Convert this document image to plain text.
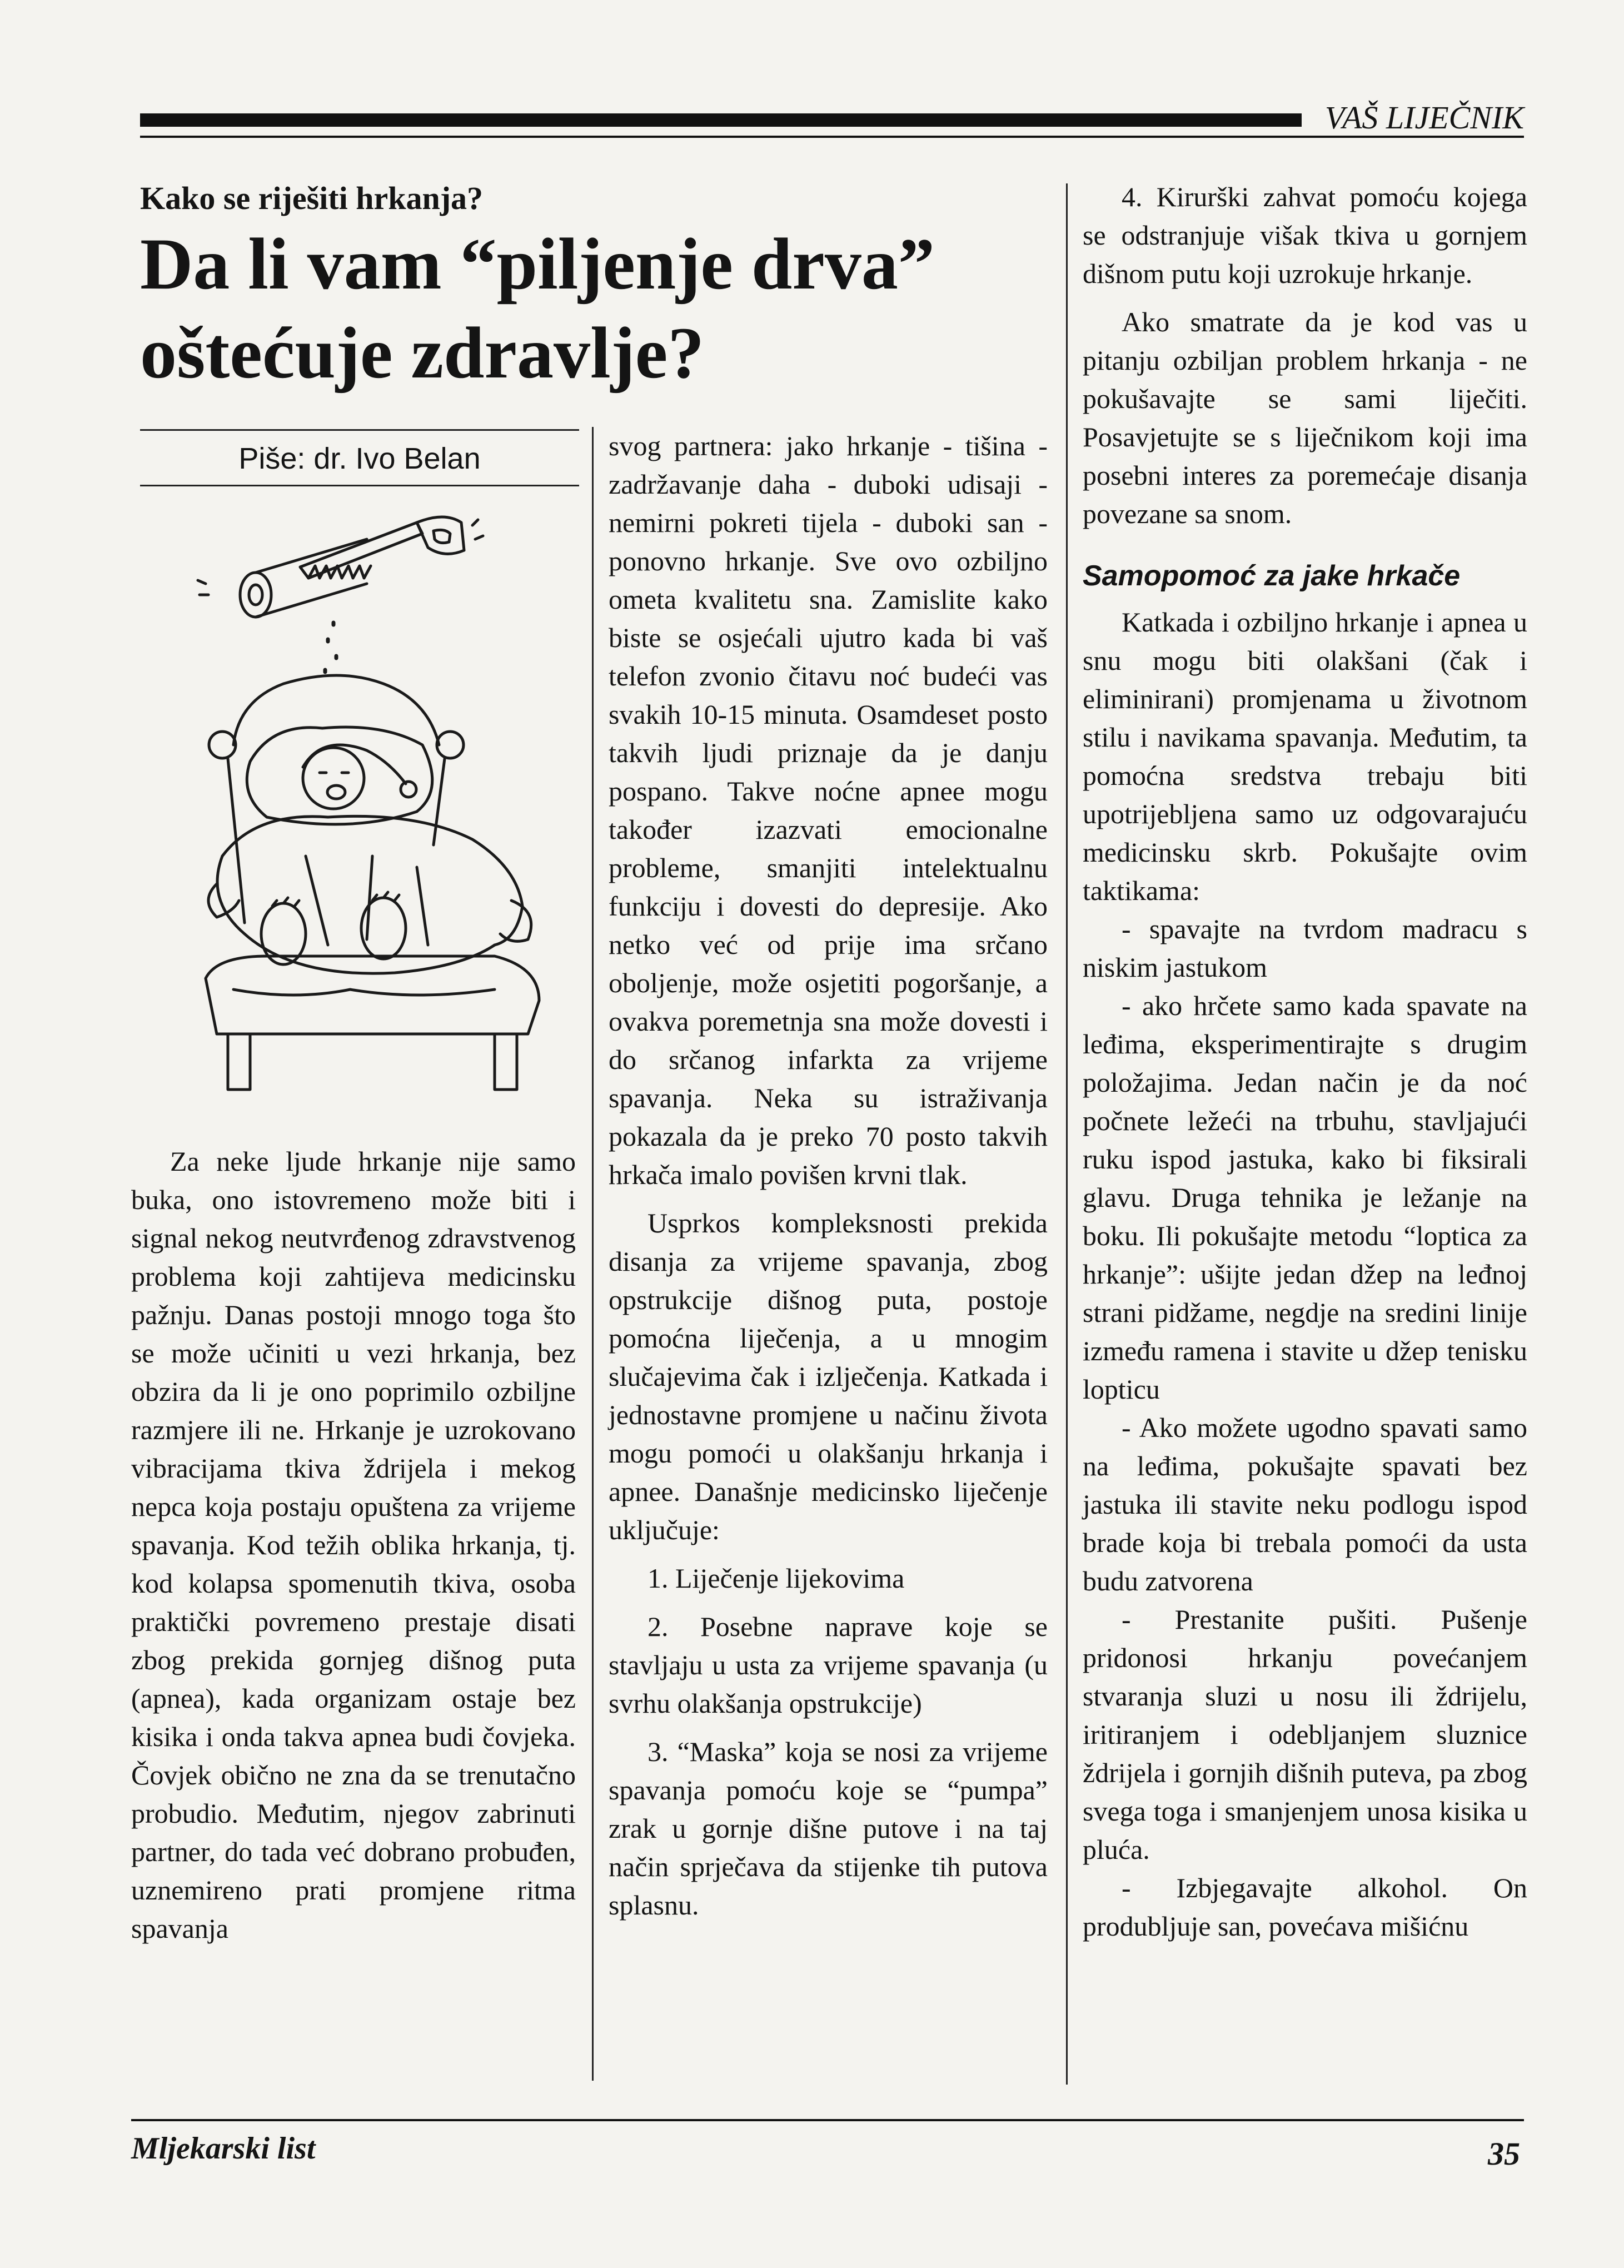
VAŠ LIJEČNIK
Kako se riješiti hrkanja?
Da li vam “piljenje drva” oštećuje zdravlje?
Piše: dr. Ivo Belan

Za neke ljude hrkanje nije samo buka, ono istovremeno može biti i signal nekog neutvrđenog zdravstvenog problema koji zahtijeva medicinsku pažnju. Danas postoji mnogo toga što se može učiniti u vezi hrkanja, bez obzira da li je ono poprimilo ozbiljne razmjere ili ne. Hrkanje je uzrokovano vibracijama tkiva ždrijela i mekog nepca koja postaju opuštena za vrijeme spavanja. Kod težih oblika hrkanja, tj. kod kolapsa spomenutih tkiva, osoba praktički povremeno prestaje disati zbog prekida gornjeg dišnog puta (apnea), kada organizam ostaje bez kisika i onda takva apnea budi čovjeka. Čovjek obično ne zna da se trenutačno probudio. Međutim, njegov zabrinuti partner, do tada već dobrano probuđen, uznemireno prati promjene ritma spavanja

svog partnera: jako hrkanje - tišina - zadržavanje daha - duboki udisaji - nemirni pokreti tijela - duboki san - ponovno hrkanje. Sve ovo ozbiljno ometa kvalitetu sna. Zamislite kako biste se osjećali ujutro kada bi vaš telefon zvonio čitavu noć budeći vas svakih 10-15 minuta. Osamdeset posto takvih ljudi priznaje da je danju pospano. Takve noćne apnee mogu također izazvati emocionalne probleme, smanjiti intelektualnu funkciju i dovesti do depresije. Ako netko već od prije ima srčano oboljenje, može osjetiti pogoršanje, a ovakva poremetnja sna može dovesti i do srčanog infarkta za vrijeme spavanja. Neka su istraživanja pokazala da je preko 70 posto takvih hrkača imalo povišen krvni tlak.

Usprkos kompleksnosti prekida disanja za vrijeme spavanja, zbog opstrukcije dišnog puta, postoje pomoćna liječenja, a u mnogim slučajevima čak i izlječenja. Katkada i jednostavne promjene u načinu života mogu pomoći u olakšanju hrkanja i apnee. Današnje medicinsko liječenje uključuje:

1. Liječenje lijekovima

2. Posebne naprave koje se stavljaju u usta za vrijeme spavanja (u svrhu olakšanja opstrukcije)

3. “Maska” koja se nosi za vrijeme spavanja pomoću koje se “pumpa” zrak u gornje dišne putove i na taj način sprječava da stijenke tih putova splasnu.

4. Kirurški zahvat pomoću kojega se odstranjuje višak tkiva u gornjem dišnom putu koji uzrokuje hrkanje.

Ako smatrate da je kod vas u pitanju ozbiljan problem hrkanja - ne pokušavajte se sami liječiti. Posavjetujte se s liječnikom koji ima posebni interes za poremećaje disanja povezane sa snom.

Samopomoć za jake hrkače

Katkada i ozbiljno hrkanje i apnea u snu mogu biti olakšani (čak i eliminirani) promjenama u životnom stilu i navikama spavanja. Međutim, ta pomoćna sredstva trebaju biti upotrijebljena samo uz odgovarajuću medicinsku skrb. Pokušajte ovim taktikama:

- spavajte na tvrdom madracu s niskim jastukom

- ako hrčete samo kada spavate na leđima, eksperimentirajte s drugim položajima. Jedan način je da noć počnete ležeći na trbuhu, stavljajući ruku ispod jastuka, kako bi fiksirali glavu. Druga tehnika je ležanje na boku. Ili pokušajte metodu “loptica za hrkanje”: ušijte jedan džep na leđnoj strani pidžame, negdje na sredini linije između ramena i stavite u džep tenisku lopticu

- Ako možete ugodno spavati samo na leđima, pokušajte spavati bez jastuka ili stavite neku podlogu ispod brade koja bi trebala pomoći da usta budu zatvorena

- Prestanite pušiti. Pušenje pridonosi hrkanju povećanjem stvaranja sluzi u nosu ili ždrijelu, iritiranjem i odebljanjem sluznice ždrijela i gornjih dišnih puteva, pa zbog svega toga i smanjenjem unosa kisika u pluća.

- Izbjegavajte alkohol. On produbljuje san, povećava mišićnu

Mljekarski list	35
